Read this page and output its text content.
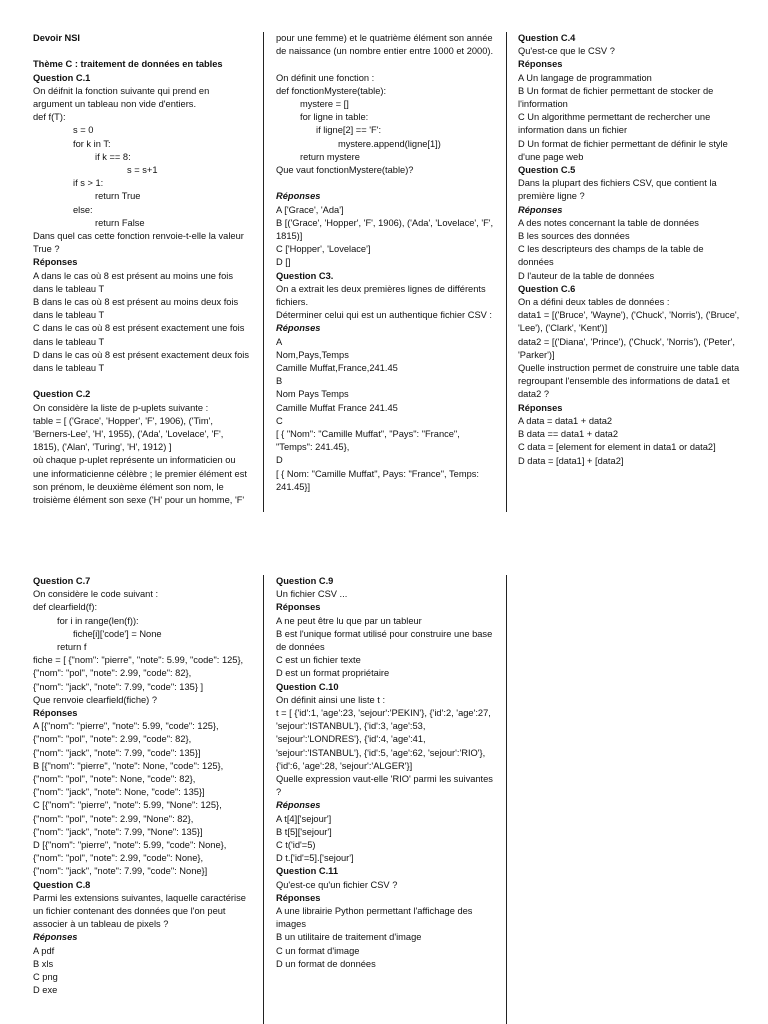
Devoir NSI

Thème C : traitement de données en tables

Question C.1

On déifnit la fonction suivante qui prend en argument un tableau non vide d'entiers.

def f(T):

s = 0

for k in T:

if k == 8:

s = s+1

if s > 1:

return True

else:

return False

Dans quel cas cette fonction renvoie-t-elle la valeur True ?

Réponses

A dans le cas où 8 est présent au moins une fois dans le tableau T

B dans le cas où 8 est présent au moins deux fois dans le tableau T

C dans le cas où 8 est présent exactement une fois dans le tableau T

D dans le cas où 8 est présent exactement deux fois dans le tableau T

Question C.2

On considère la liste de p-uplets suivante :

table = [ ('Grace', 'Hopper', 'F', 1906), ('Tim', 'Berners-Lee', 'H', 1955), ('Ada', 'Lovelace', 'F', 1815), ('Alan', 'Turing', 'H', 1912) ]

où chaque p-uplet représente un informaticien ou une informaticienne célèbre ; le premier élément est son prénom, le deuxième élément son nom, le troisième élément son sexe ('H' pour un homme, 'F'

pour une femme) et le quatrième élément son année de naissance (un nombre entier entre 1000 et 2000).

On définit une fonction :

def fonctionMystere(table):

mystere = []

for ligne in table:

if ligne[2] == 'F':

mystere.append(ligne[1])

return mystere

Que vaut fonctionMystere(table)?

Réponses

A ['Grace', 'Ada']

B [('Grace', 'Hopper', 'F', 1906), ('Ada', 'Lovelace', 'F', 1815)]

C ['Hopper', 'Lovelace']

D []

Question C3.

On a extrait les deux premières lignes de différents fichiers.

Déterminer celui qui est un authentique fichier CSV :

Réponses

A

Nom,Pays,Temps

Camille Muffat,France,241.45

B

Nom Pays Temps

Camille Muffat France 241.45

C

[ { "Nom": "Camille Muffat", "Pays": "France", "Temps": 241.45},

D

[ { Nom: "Camille Muffat", Pays: "France", Temps: 241.45}]

Question C.4

Qu'est-ce que le CSV ?

Réponses

A Un langage de programmation

B Un format de fichier permettant de stocker de l'information

C Un algorithme permettant de rechercher une information dans un fichier

D Un format de fichier permettant de définir le style d'une page web

Question C.5

Dans la plupart des fichiers CSV, que contient la première ligne ?

Réponses

A des notes concernant la table de données

B les sources des données

C les descripteurs des champs de la table de données

D l'auteur de la table de données

Question C.6

On a défini deux tables de données :

data1 = [('Bruce', 'Wayne'), ('Chuck', 'Norris'), ('Bruce', 'Lee'), ('Clark', 'Kent')]

data2 = [('Diana', 'Prince'), ('Chuck', 'Norris'), ('Peter', 'Parker')]

Quelle instruction permet de construire une table data regroupant l'ensemble des informations de data1 et data2 ?

Réponses

A data = data1 + data2

B data == data1 + data2

C data = [element for element in data1 or data2]

D data = [data1] + [data2]

Question C.7

On considère le code suivant :

def clearfield(f):

for i in range(len(f)):

fiche[i]['code'] = None

return f

fiche = [ {"nom": "pierre", "note": 5.99, "code": 125},

{"nom": "pol", "note": 2.99, "code": 82},

{"nom": "jack", "note": 7.99, "code": 135} ]

Que renvoie clearfield(fiche) ?

Réponses

A [{"nom": "pierre", "note": 5.99, "code": 125},

{"nom": "pol", "note": 2.99, "code": 82},

{"nom": "jack", "note": 7.99, "code": 135}]

B [{"nom": "pierre", "note": None, "code": 125},

{"nom": "pol", "note": None, "code": 82},

{"nom": "jack", "note": None, "code": 135}]

C [{"nom": "pierre", "note": 5.99, "None": 125},

{"nom": "pol", "note": 2.99, "None": 82},

{"nom": "jack", "note": 7.99, "None": 135}]

D [{"nom": "pierre", "note": 5.99, "code": None},

{"nom": "pol", "note": 2.99, "code": None},

{"nom": "jack", "note": 7.99, "code": None}]

Question C.8

Parmi les extensions suivantes, laquelle caractérise un fichier contenant des données que l'on peut associer à un tableau de pixels ?

Réponses

A pdf

B xls

C png

D exe

Question C.9

Un fichier CSV ...

Réponses

A ne peut être lu que par un tableur

B est l'unique format utilisé pour construire une base de données

C est un fichier texte

D est un format propriétaire

Question C.10

On définit ainsi une liste t :

t = [ {'id':1, 'age':23, 'sejour':'PEKIN'}, {'id':2, 'age':27, 'sejour':'ISTANBUL'}, {'id':3, 'age':53, 'sejour':'LONDRES'}, {'id':4, 'age':41, 'sejour':'ISTANBUL'}, {'id':5, 'age':62, 'sejour':'RIO'}, {'id':6, 'age':28, 'sejour':'ALGER'}]

Quelle expression vaut-elle 'RIO' parmi les suivantes ?

Réponses

A t[4]['sejour']

B t[5]['sejour']

C t('id'=5)

D t.['id'=5].['sejour']

Question C.11

Qu'est-ce qu'un fichier CSV ?

Réponses

A une librairie Python permettant l'affichage des images

B un utilitaire de traitement d'image

C un format d'image

D un format de données
